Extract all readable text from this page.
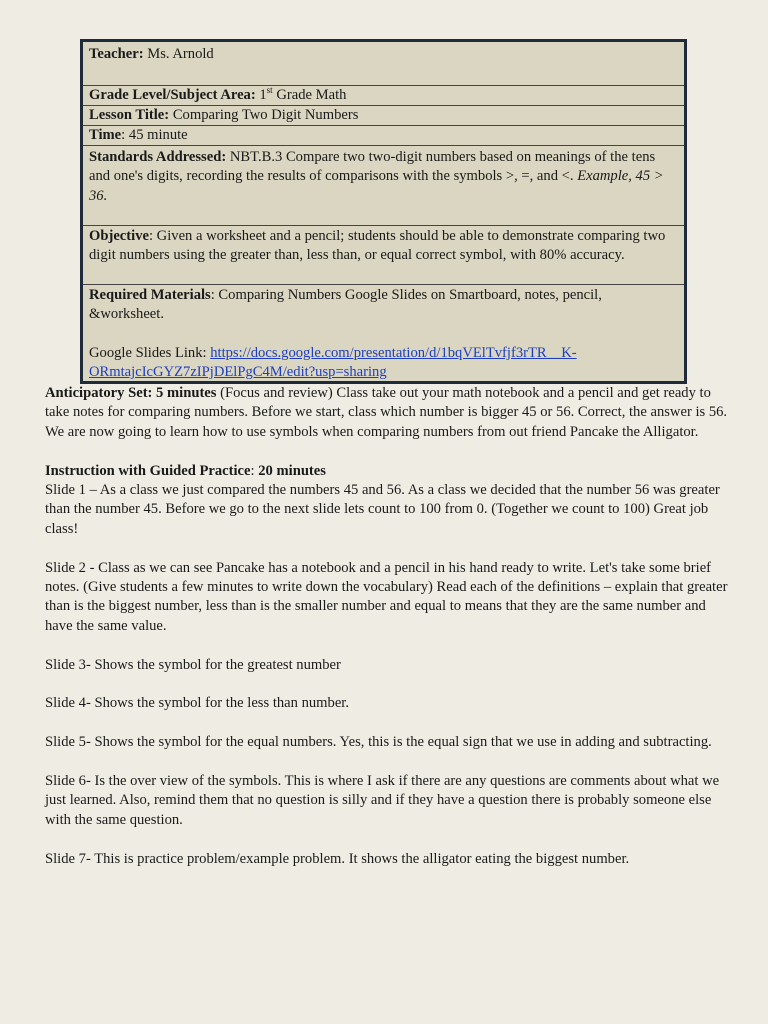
Teacher: Ms. Arnold
Grade Level/Subject Area: 1st Grade Math
Lesson Title: Comparing Two Digit Numbers
Time: 45 minute
Standards Addressed: NBT.B.3 Compare two two-digit numbers based on meanings of the tens and one's digits, recording the results of comparisons with the symbols >, =, and <. Example, 45 > 36.
Objective: Given a worksheet and a pencil; students should be able to demonstrate comparing two digit numbers using the greater than, less than, or equal correct symbol, with 80% accuracy.
Required Materials: Comparing Numbers Google Slides on Smartboard, notes, pencil, &worksheet.
Google Slides Link: https://docs.google.com/presentation/d/1bqVElTvfjf3rTR__K-ORmtajcIcGYZ7zIPjDElPgC4M/edit?usp=sharing

Anticipatory Set: 5 minutes (Focus and review) Class take out your math notebook and a pencil and get ready to take notes for comparing numbers. Before we start, class which number is bigger 45 or 56. Correct, the answer is 56. We are now going to learn how to use symbols when comparing numbers from out friend Pancake the Alligator.

Instruction with Guided Practice: 20 minutes

Slide 1 – As a class we just compared the numbers 45 and 56. As a class we decided that the number 56 was greater than the number 45. Before we go to the next slide lets count to 100 from 0. (Together we count to 100) Great job class!

Slide 2 - Class as we can see Pancake has a notebook and a pencil in his hand ready to write. Let's take some brief notes. (Give students a few minutes to write down the vocabulary) Read each of the definitions – explain that greater than is the biggest number, less than is the smaller number and equal to means that they are the same number and have the same value.

Slide 3- Shows the symbol for the greatest number

Slide 4- Shows the symbol for the less than number.

Slide 5- Shows the symbol for the equal numbers. Yes, this is the equal sign that we use in adding and subtracting.

Slide 6- Is the over view of the symbols. This is where I ask if there are any questions are comments about what we just learned. Also, remind them that no question is silly and if they have a question there is probably someone else with the same question.

Slide 7- This is practice problem/example problem. It shows the alligator eating the biggest number.
